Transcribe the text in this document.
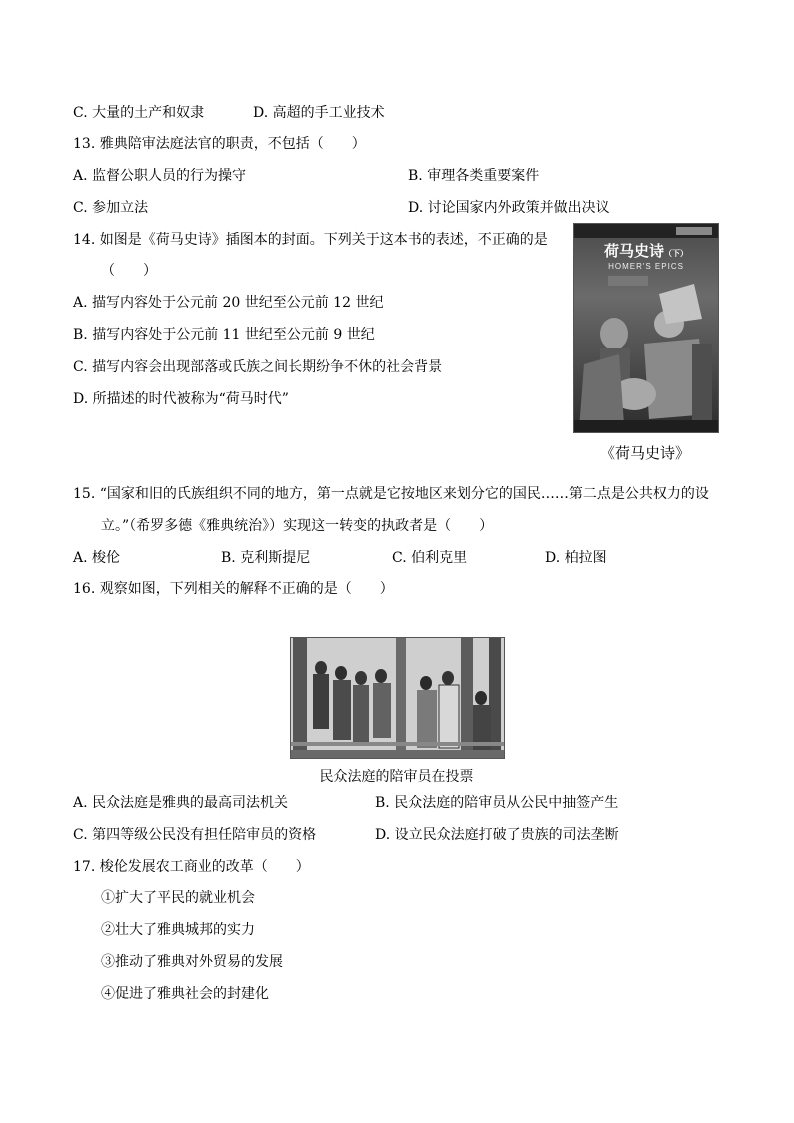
C. 大量的土产和奴隶	D. 高超的手工业技术
13. 雅典陪审法庭法官的职责，不包括（　　）
A. 监督公职人员的行为操守	B. 审理各类重要案件
C. 参加立法	D. 讨论国家内外政策并做出决议
14. 如图是《荷马史诗》插图本的封面。下列关于这本书的表述，不正确的是
（　　）
A. 描写内容处于公元前 20 世纪至公元前 12 世纪
B. 描写内容处于公元前 11 世纪至公元前 9 世纪
C. 描写内容会出现部落或氏族之间长期纷争不休的社会背景
D. 所描述的时代被称为“荷马时代”
荷马史诗（下）
HOMER'S EPICS
《荷马史诗》
15. “国家和旧的氏族组织不同的地方，第一点就是它按地区来划分它的国民……第二点是公共权力的设
立。”（希罗多德《雅典统治》）实现这一转变的执政者是（　　）
A. 梭伦	B. 克利斯提尼	C. 伯利克里	D. 柏拉图
16. 观察如图，下列相关的解释不正确的是（　　）
民众法庭的陪审员在投票
A. 民众法庭是雅典的最高司法机关	B. 民众法庭的陪审员从公民中抽签产生
C. 第四等级公民没有担任陪审员的资格	D. 设立民众法庭打破了贵族的司法垄断
17. 梭伦发展农工商业的改革（　　）
①扩大了平民的就业机会
②壮大了雅典城邦的实力
③推动了雅典对外贸易的发展
④促进了雅典社会的封建化
